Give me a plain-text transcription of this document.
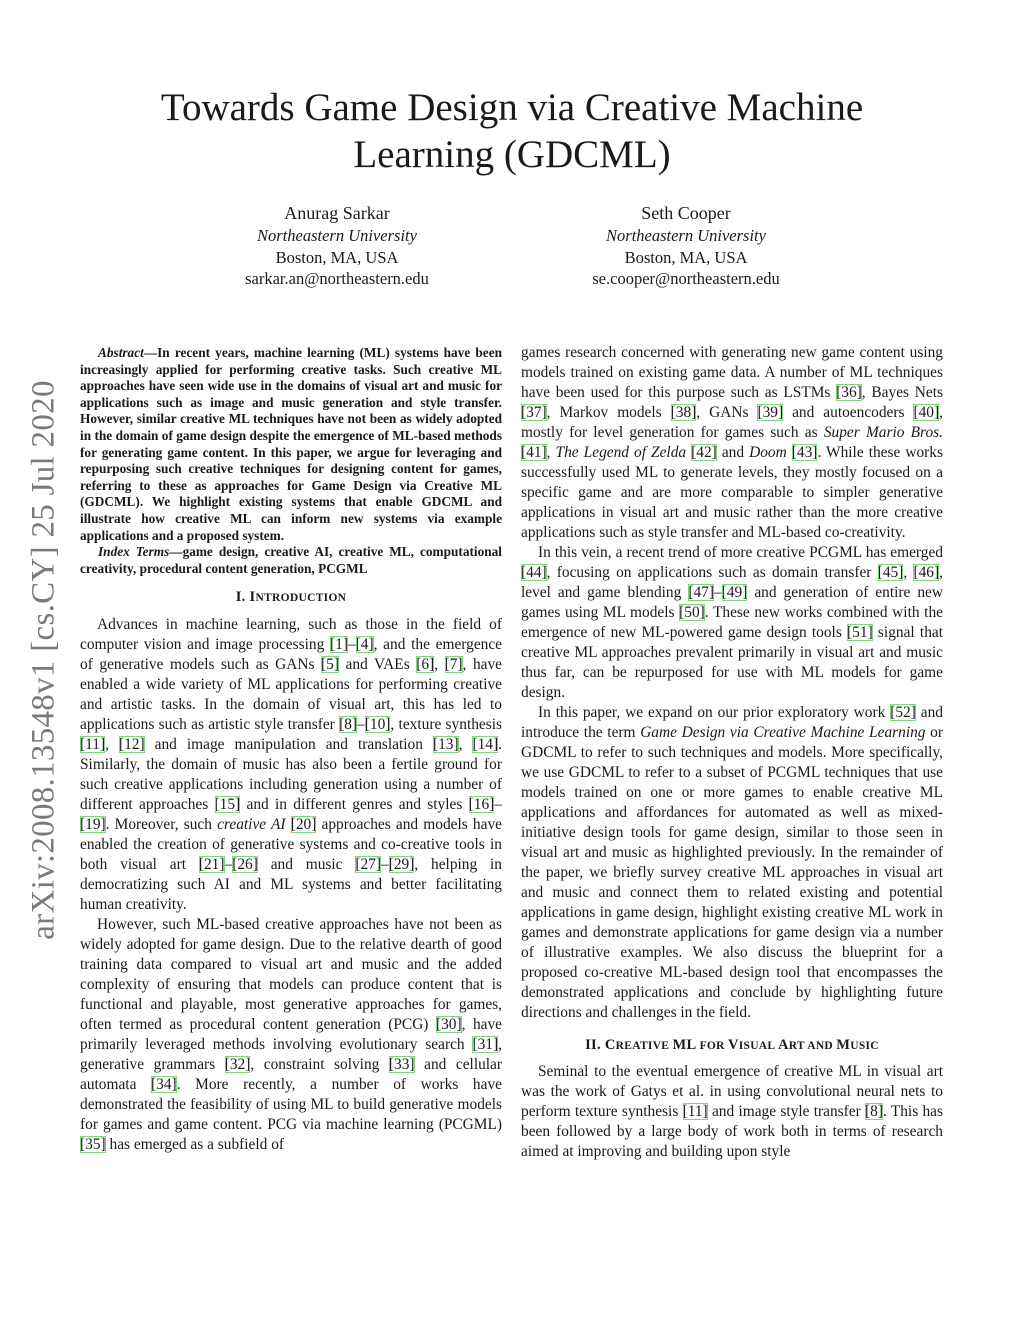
arXiv:2008.13548v1 [cs.CY] 25 Jul 2020
Towards Game Design via Creative Machine
Learning (GDCML)
Anurag Sarkar
Northeastern University
Boston, MA, USA
sarkar.an@northeastern.edu
Seth Cooper
Northeastern University
Boston, MA, USA
se.cooper@northeastern.edu

Abstract—In recent years, machine learning (ML) systems have been increasingly applied for performing creative tasks. Such creative ML approaches have seen wide use in the domains of visual art and music for applications such as image and music generation and style transfer. However, similar creative ML techniques have not been as widely adopted in the domain of game design despite the emergence of ML-based methods for generating game content. In this paper, we argue for leveraging and repurposing such creative techniques for designing content for games, referring to these as approaches for Game Design via Creative ML (GDCML). We highlight existing systems that enable GDCML and illustrate how creative ML can inform new systems via example applications and a proposed system.

Index Terms—game design, creative AI, creative ML, computational creativity, procedural content generation, PCGML

I. INTRODUCTION

Advances in machine learning, such as those in the field of computer vision and image processing [1]–[4], and the emergence of generative models such as GANs [5] and VAEs [6], [7], have enabled a wide variety of ML applications for performing creative and artistic tasks. In the domain of visual art, this has led to applications such as artistic style transfer [8]–[10], texture synthesis [11], [12] and image manipulation and translation [13], [14]. Similarly, the domain of music has also been a fertile ground for such creative applications including generation using a number of different approaches [15] and in different genres and styles [16]–[19]. Moreover, such creative AI [20] approaches and models have enabled the creation of generative systems and co-creative tools in both visual art [21]–[26] and music [27]–[29], helping in democratizing such AI and ML systems and better facilitating human creativity.

However, such ML-based creative approaches have not been as widely adopted for game design. Due to the relative dearth of good training data compared to visual art and music and the added complexity of ensuring that models can produce content that is functional and playable, most generative approaches for games, often termed as procedural content generation (PCG) [30], have primarily leveraged methods involving evolutionary search [31], generative grammars [32], constraint solving [33] and cellular automata [34]. More recently, a number of works have demonstrated the feasibility of using ML to build generative models for games and game content. PCG via machine learning (PCGML) [35] has emerged as a subfield of

games research concerned with generating new game content using models trained on existing game data. A number of ML techniques have been used for this purpose such as LSTMs [36], Bayes Nets [37], Markov models [38], GANs [39] and autoencoders [40], mostly for level generation for games such as Super Mario Bros. [41], The Legend of Zelda [42] and Doom [43]. While these works successfully used ML to generate levels, they mostly focused on a specific game and are more comparable to simpler generative applications in visual art and music rather than the more creative applications such as style transfer and ML-based co-creativity.

In this vein, a recent trend of more creative PCGML has emerged [44], focusing on applications such as domain transfer [45], [46], level and game blending [47]–[49] and generation of entire new games using ML models [50]. These new works combined with the emergence of new ML-powered game design tools [51] signal that creative ML approaches prevalent primarily in visual art and music thus far, can be repurposed for use with ML models for game design.

In this paper, we expand on our prior exploratory work [52] and introduce the term Game Design via Creative Machine Learning or GDCML to refer to such techniques and models. More specifically, we use GDCML to refer to a subset of PCGML techniques that use models trained on one or more games to enable creative ML applications and affordances for automated as well as mixed-initiative design tools for game design, similar to those seen in visual art and music as highlighted previously. In the remainder of the paper, we briefly survey creative ML approaches in visual art and music and connect them to related existing and potential applications in game design, highlight existing creative ML work in games and demonstrate applications for game design via a number of illustrative examples. We also discuss the blueprint for a proposed co-creative ML-based design tool that encompasses the demonstrated applications and conclude by highlighting future directions and challenges in the field.

II. CREATIVE ML FOR VISUAL ART AND MUSIC

Seminal to the eventual emergence of creative ML in visual art was the work of Gatys et al. in using convolutional neural nets to perform texture synthesis [11] and image style transfer [8]. This has been followed by a large body of work both in terms of research aimed at improving and building upon style
